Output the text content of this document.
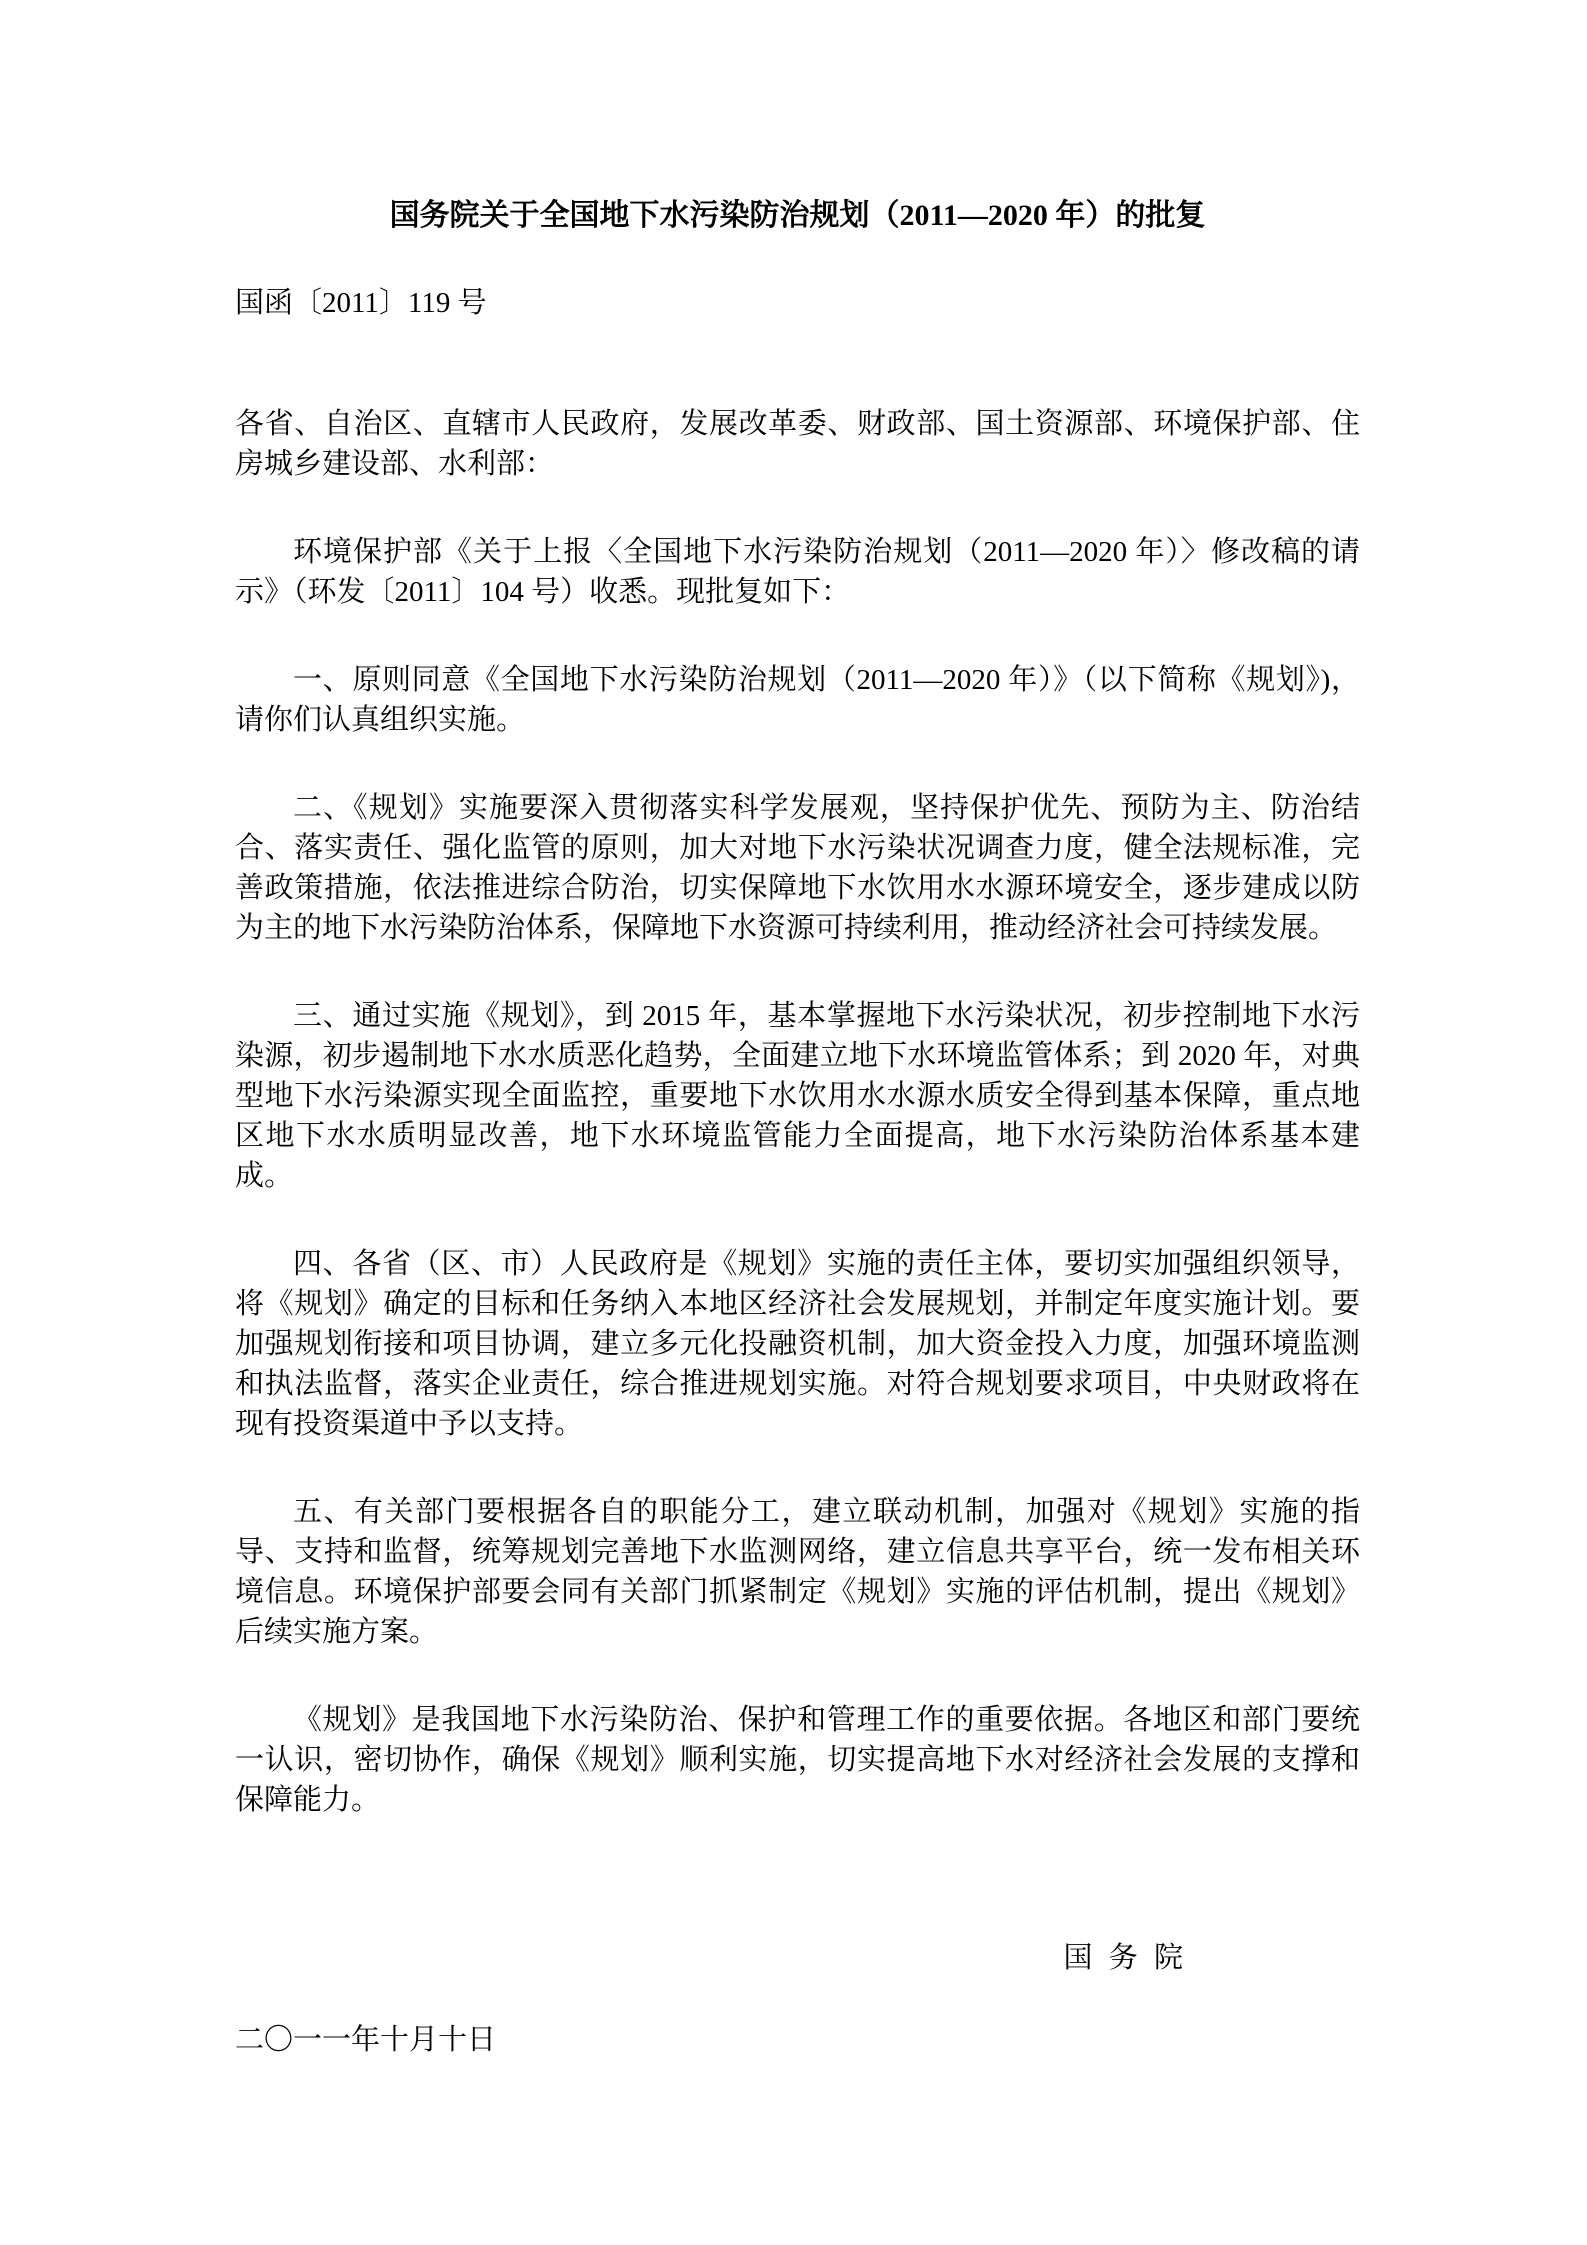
国务院关于全国地下水污染防治规划（2011—2020 年）的批复

国函〔2011〕119 号

各省、自治区、直辖市人民政府，发展改革委、财政部、国土资源部、环境保护部、住房城乡建设部、水利部：

环境保护部《关于上报〈全国地下水污染防治规划（2011—2020 年）〉修改稿的请示》（环发〔2011〕104 号）收悉。现批复如下：

一、原则同意《全国地下水污染防治规划（2011—2020 年）》（以下简称《规划》)，请你们认真组织实施。

二、《规划》实施要深入贯彻落实科学发展观，坚持保护优先、预防为主、防治结合、落实责任、强化监管的原则，加大对地下水污染状况调查力度，健全法规标准，完善政策措施，依法推进综合防治，切实保障地下水饮用水水源环境安全，逐步建成以防为主的地下水污染防治体系，保障地下水资源可持续利用，推动经济社会可持续发展。

三、通过实施《规划》，到 2015 年，基本掌握地下水污染状况，初步控制地下水污染源，初步遏制地下水水质恶化趋势，全面建立地下水环境监管体系；到 2020 年，对典型地下水污染源实现全面监控，重要地下水饮用水水源水质安全得到基本保障，重点地区地下水水质明显改善，地下水环境监管能力全面提高，地下水污染防治体系基本建成。

四、各省（区、市）人民政府是《规划》实施的责任主体，要切实加强组织领导，将《规划》确定的目标和任务纳入本地区经济社会发展规划，并制定年度实施计划。要加强规划衔接和项目协调，建立多元化投融资机制，加大资金投入力度，加强环境监测和执法监督，落实企业责任，综合推进规划实施。对符合规划要求项目，中央财政将在现有投资渠道中予以支持。

五、有关部门要根据各自的职能分工，建立联动机制，加强对《规划》实施的指导、支持和监督，统筹规划完善地下水监测网络，建立信息共享平台，统一发布相关环境信息。环境保护部要会同有关部门抓紧制定《规划》实施的评估机制，提出《规划》后续实施方案。

《规划》是我国地下水污染防治、保护和管理工作的重要依据。各地区和部门要统一认识，密切协作，确保《规划》顺利实施，切实提高地下水对经济社会发展的支撑和保障能力。

国 务 院

二〇一一年十月十日
